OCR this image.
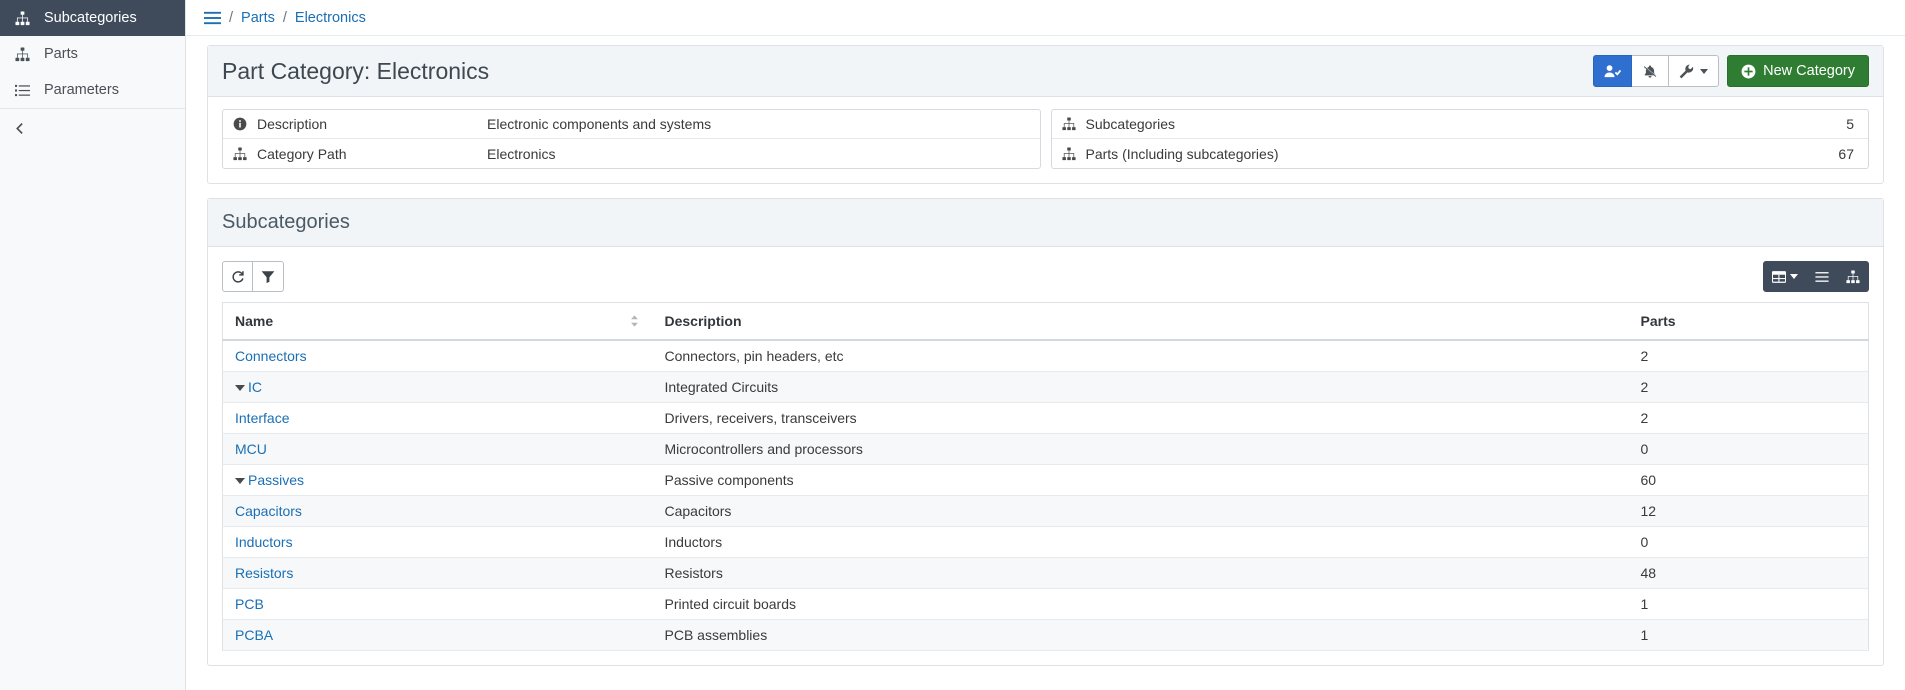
Subcategories
Parts
Parameters
/ Parts / Electronics
Part Category: Electronics	New Category
Description	Electronic components and systems
Category Path	Electronics
Subcategories	5
Parts (Including subcategories)	67
Subcategories
Name	Description	Parts
Connectors	Connectors, pin headers, etc	2
IC	Integrated Circuits	2
Interface	Drivers, receivers, transceivers	2
MCU	Microcontrollers and processors	0
Passives	Passive components	60
Capacitors	Capacitors	12
Inductors	Inductors	0
Resistors	Resistors	48
PCB	Printed circuit boards	1
PCBA	PCB assemblies	1
